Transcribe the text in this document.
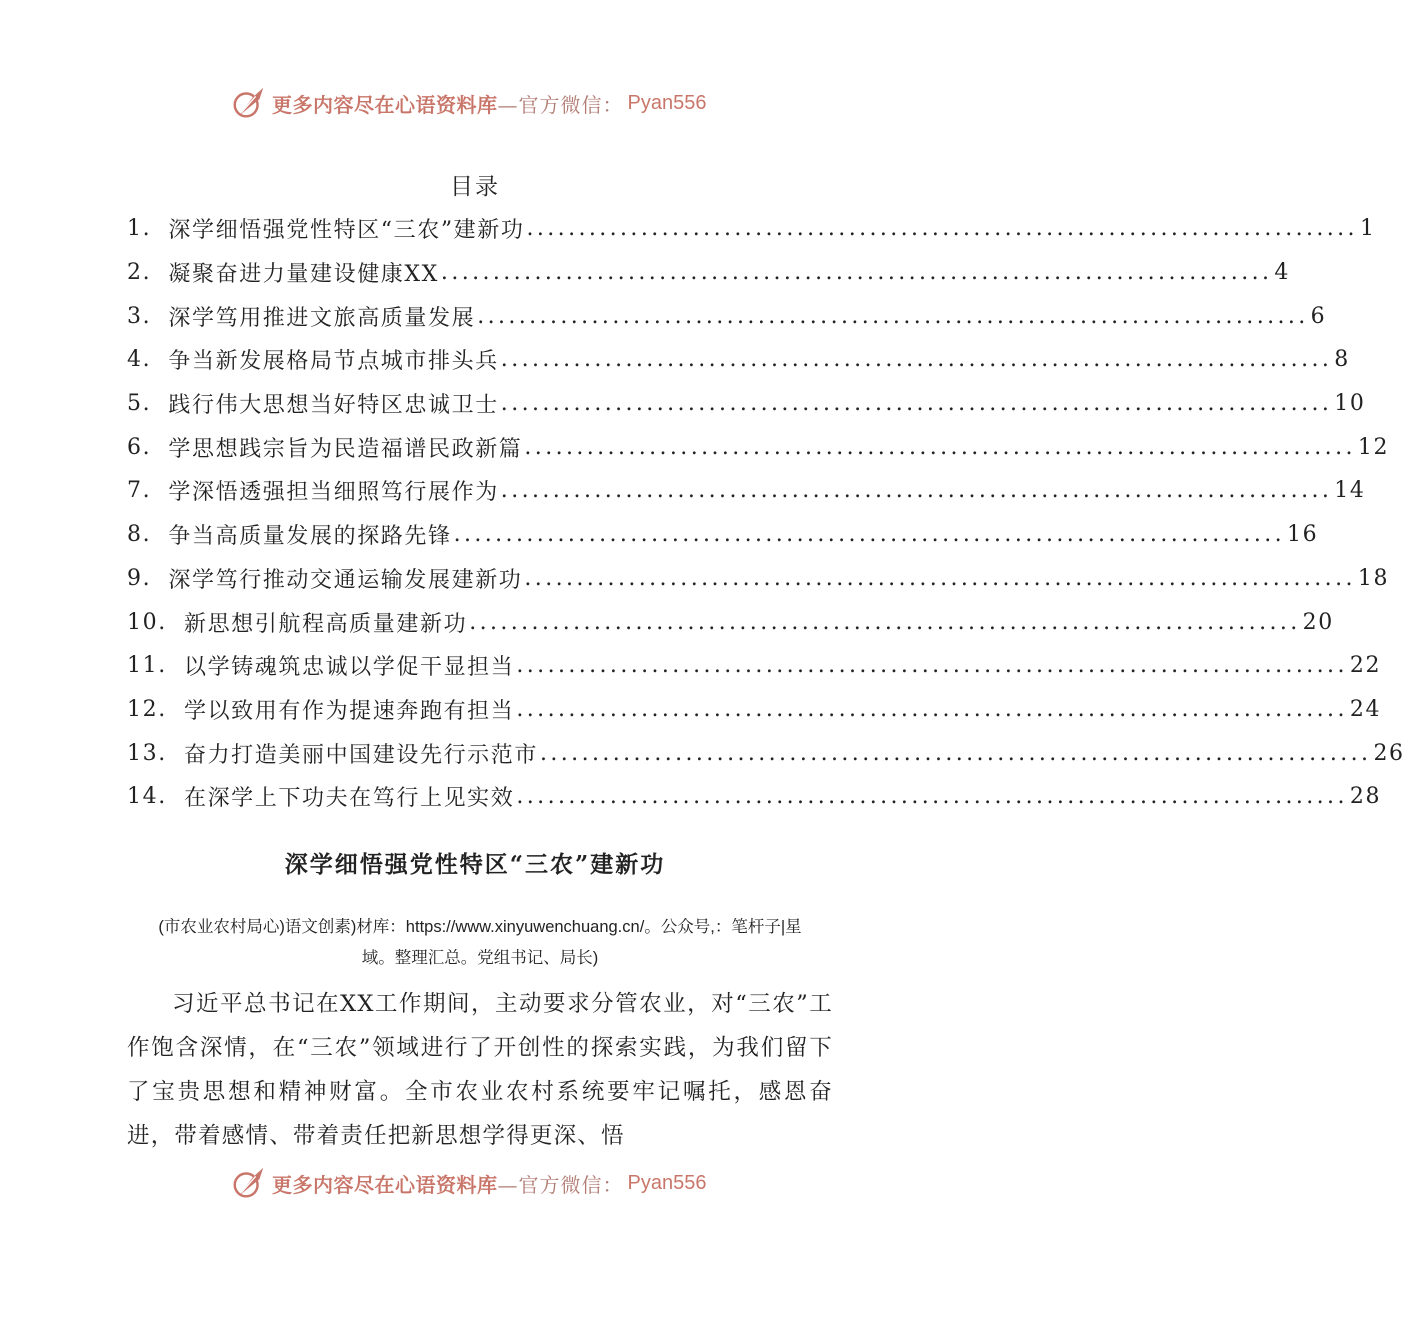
更多内容尽在心语资料库 —官方微信： Pyan556
目录
1. 深学细悟强党性特区“三农”建新功 ................................................................................ 1
2. 凝聚奋进力量建设健康XX ................................................................................ 4
3. 深学笃用推进文旅高质量发展 ................................................................................ 6
4. 争当新发展格局节点城市排头兵 ................................................................................ 8
5. 践行伟大思想当好特区忠诚卫士 ................................................................................ 10
6. 学思想践宗旨为民造福谱民政新篇 ................................................................................ 12
7. 学深悟透强担当细照笃行展作为 ................................................................................ 14
8. 争当高质量发展的探路先锋 ................................................................................ 16
9. 深学笃行推动交通运输发展建新功 ................................................................................ 18
10. 新思想引航程高质量建新功 ................................................................................ 20
11. 以学铸魂筑忠诚以学促干显担当 ................................................................................ 22
12. 学以致用有作为提速奔跑有担当 ................................................................................ 24
13. 奋力打造美丽中国建设先行示范市 ................................................................................ 26
14. 在深学上下功夫在笃行上见实效 ................................................................................ 28
深学细悟强党性特区“三农”建新功
(市农业农村局心)语文创素)材库：https://www.xinyuwenchuang.cn/。公众号,：笔杆子|星
域。整理汇总。党组书记、局长)

习近平总书记在XX工作期间，主动要求分管农业，对“三农”工作饱含深情，在“三农”领域进行了开创性的探索实践，为我们留下了宝贵思想和精神财富。全市农业农村系统要牢记嘱托，感恩奋进，带着感情、带着责任把新思想学得更深、悟

更多内容尽在心语资料库 —官方微信： Pyan556
